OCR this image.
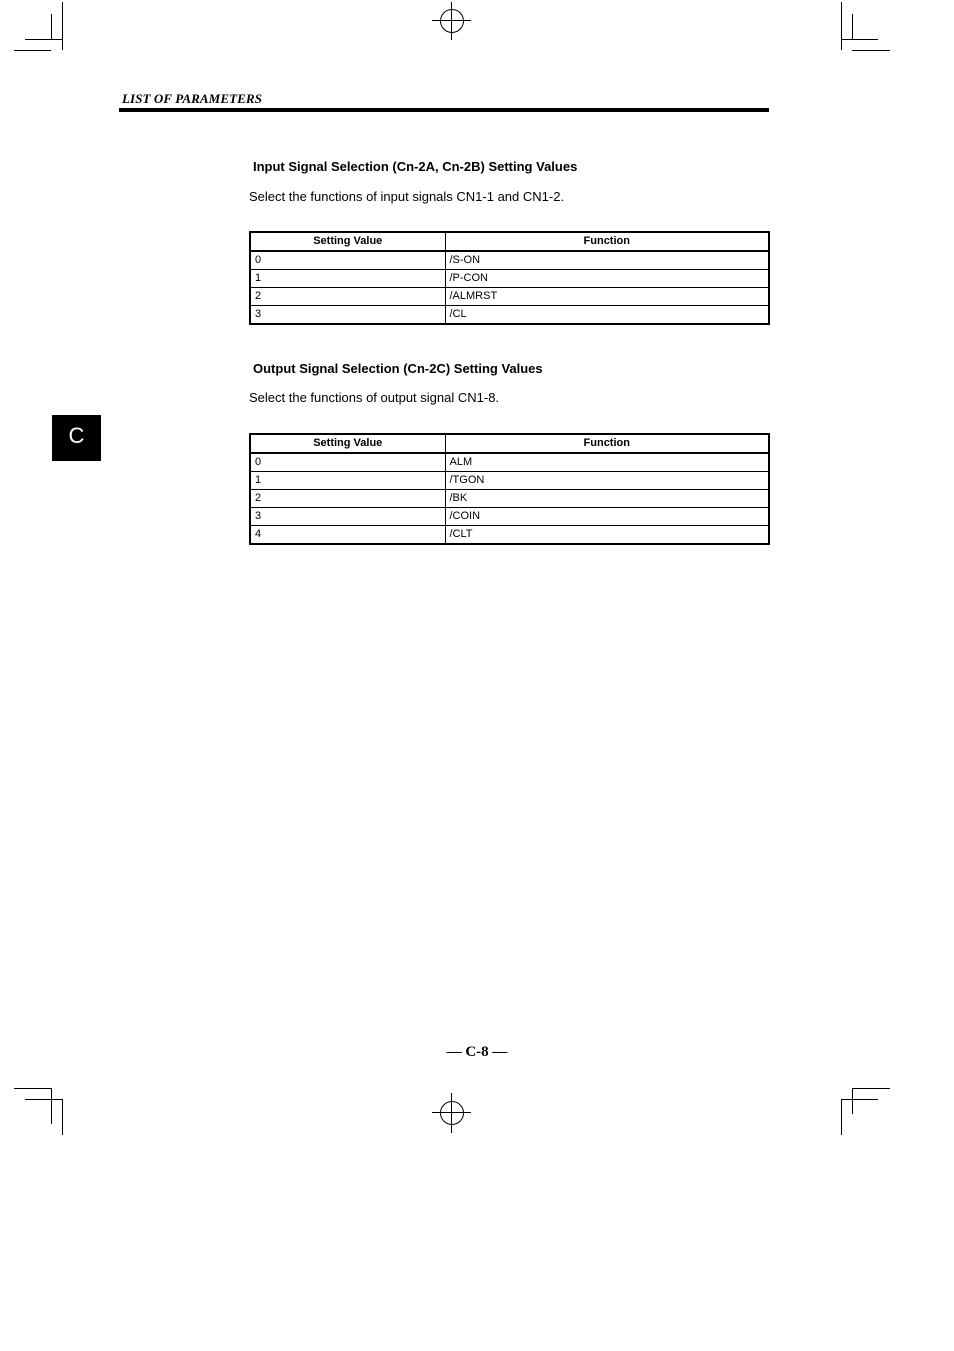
LIST OF PARAMETERS
C
Input Signal Selection (Cn-2A, Cn-2B) Setting Values
Select the functions of input signals CN1-1 and CN1-2.
Setting Value	Function
0	/S-ON
1	/P-CON
2	/ALMRST
3	/CL
Output Signal Selection (Cn-2C) Setting Values
Select the functions of output signal CN1-8.
Setting Value	Function
0	ALM
1	/TGON
2	/BK
3	/COIN
4	/CLT
— C-8 —
